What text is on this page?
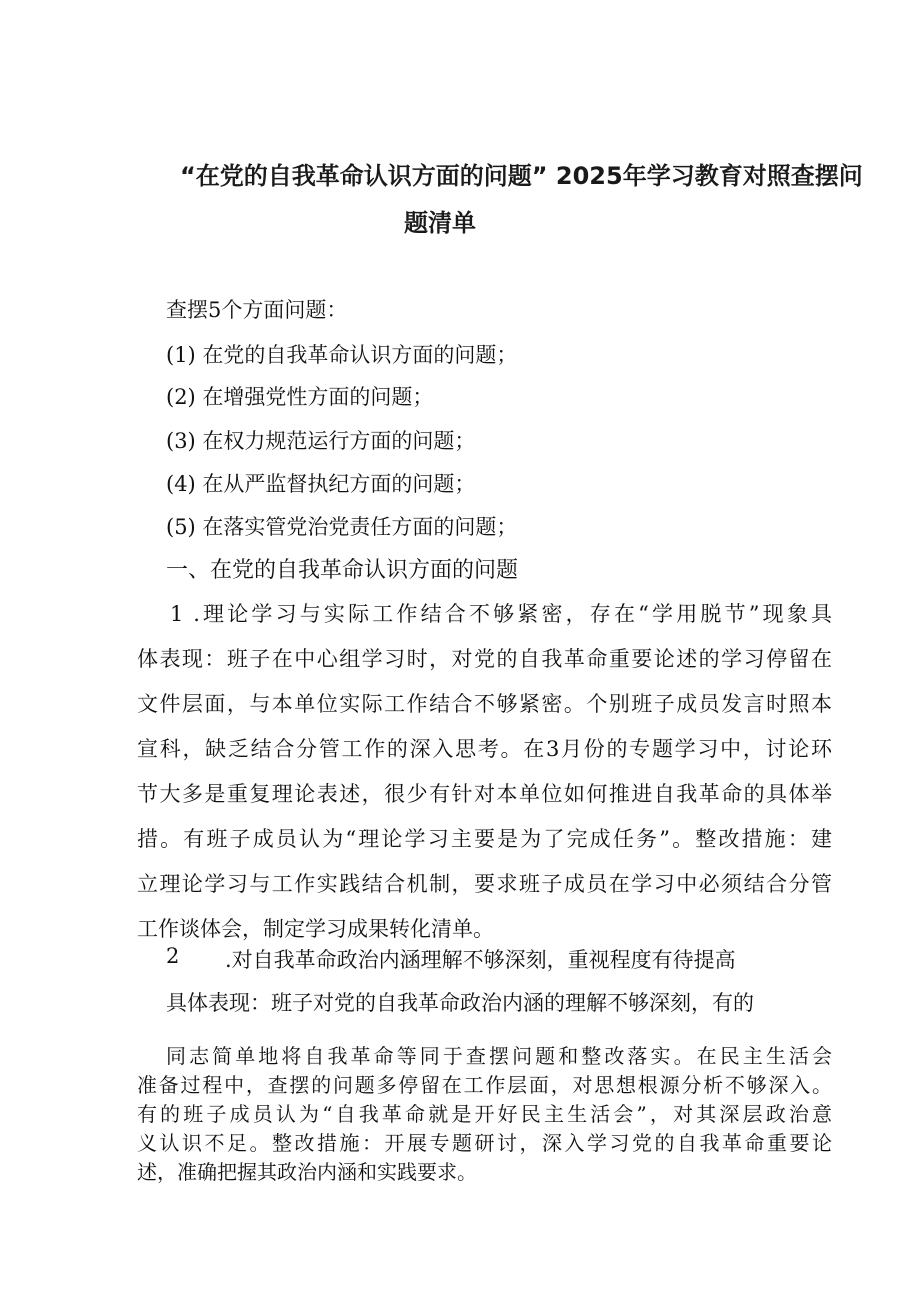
“在党的自我革命认识方面的问题” 2025年学习教育对照查摆问
题清单
查摆5个方面问题：
(1) 在党的自我革命认识方面的问题；
(2) 在增强党性方面的问题；
(3) 在权力规范运行方面的问题；
(4) 在从严监督执纪方面的问题；
(5) 在落实管党治党责任方面的问题；
一、在党的自我革命认识方面的问题
1 .理论学习与实际工作结合不够紧密，存在“学用脱节”现象具
体表现：班子在中心组学习时，对党的自我革命重要论述的学习停留在
文件层面，与本单位实际工作结合不够紧密。个别班子成员发言时照本
宣科，缺乏结合分管工作的深入思考。在3月份的专题学习中，讨论环
节大多是重复理论表述，很少有针对本单位如何推进自我革命的具体举
措。有班子成员认为“理论学习主要是为了完成任务”。整改措施：建
立理论学习与工作实践结合机制，要求班子成员在学习中必须结合分管
工作谈体会，制定学习成果转化清单。
2 .对自我革命政治内涵理解不够深刻，重视程度有待提高
具体表现：班子对党的自我革命政治内涵的理解不够深刻，有的
同志简单地将自我革命等同于查摆问题和整改落实。在民主生活会
准备过程中，查摆的问题多停留在工作层面，对思想根源分析不够深入。
有的班子成员认为“自我革命就是开好民主生活会”，对其深层政治意
义认识不足。整改措施：开展专题研讨，深入学习党的自我革命重要论
述，准确把握其政治内涵和实践要求。
